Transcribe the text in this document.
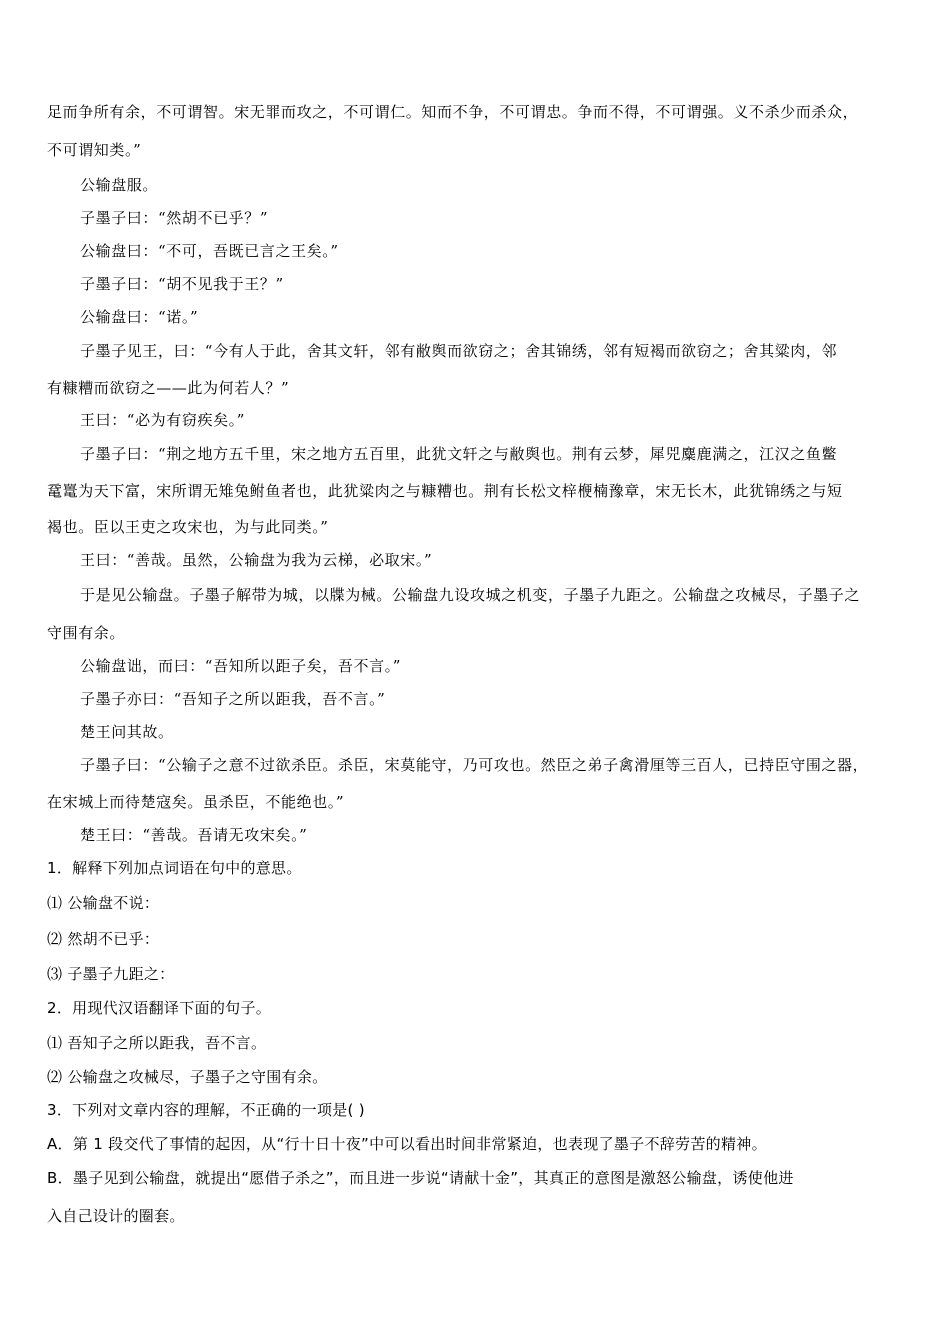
足而争所有余，不可谓智。宋无罪而攻之，不可谓仁。知而不争，不可谓忠。争而不得，不可谓强。义不杀少而杀众，
不可谓知类。”
公输盘服。
子墨子曰：“然胡不已乎？”
公输盘曰：“不可，吾既已言之王矣。”
子墨子曰：“胡不见我于王？”
公输盘曰：“诺。”
子墨子见王，曰：“今有人于此，舍其文轩，邻有敝舆而欲窃之；舍其锦绣，邻有短褐而欲窃之；舍其粱肉，邻
有糠糟而欲窃之——此为何若人？”
王曰：“必为有窃疾矣。”
子墨子曰：“荆之地方五千里，宋之地方五百里，此犹文轩之与敝舆也。荆有云梦，犀兕麋鹿满之，江汉之鱼鳖
鼋鼍为天下富，宋所谓无雉兔鲋鱼者也，此犹粱肉之与糠糟也。荆有长松文梓楩楠豫章，宋无长木，此犹锦绣之与短
褐也。臣以王吏之攻宋也，为与此同类。”
王曰：“善哉。虽然，公输盘为我为云梯，必取宋。”
于是见公输盘。子墨子解带为城，以牒为械。公输盘九设攻城之机变，子墨子九距之。公输盘之攻械尽，子墨子之
守围有余。
公输盘诎，而曰：“吾知所以距子矣，吾不言。”
子墨子亦曰：“吾知子之所以距我，吾不言。”
楚王问其故。
子墨子曰：“公输子之意不过欲杀臣。杀臣，宋莫能守，乃可攻也。然臣之弟子禽滑厘等三百人，已持臣守围之器，
在宋城上而待楚寇矣。虽杀臣，不能绝也。”
楚王曰：“善哉。吾请无攻宋矣。”
1．解释下列加点词语在句中的意思。
⑴ 公输盘不说：
⑵ 然胡不已乎：
⑶ 子墨子九距之：
2．用现代汉语翻译下面的句子。
⑴ 吾知子之所以距我，吾不言。
⑵ 公输盘之攻械尽，子墨子之守围有余。
3．下列对文章内容的理解，不正确的一项是( )
A．第 1 段交代了事情的起因，从“行十日十夜”中可以看出时间非常紧迫，也表现了墨子不辞劳苦的精神。
B．墨子见到公输盘，就提出“愿借子杀之”，而且进一步说“请献十金”，其真正的意图是激怒公输盘，诱使他进
入自己设计的圈套。
